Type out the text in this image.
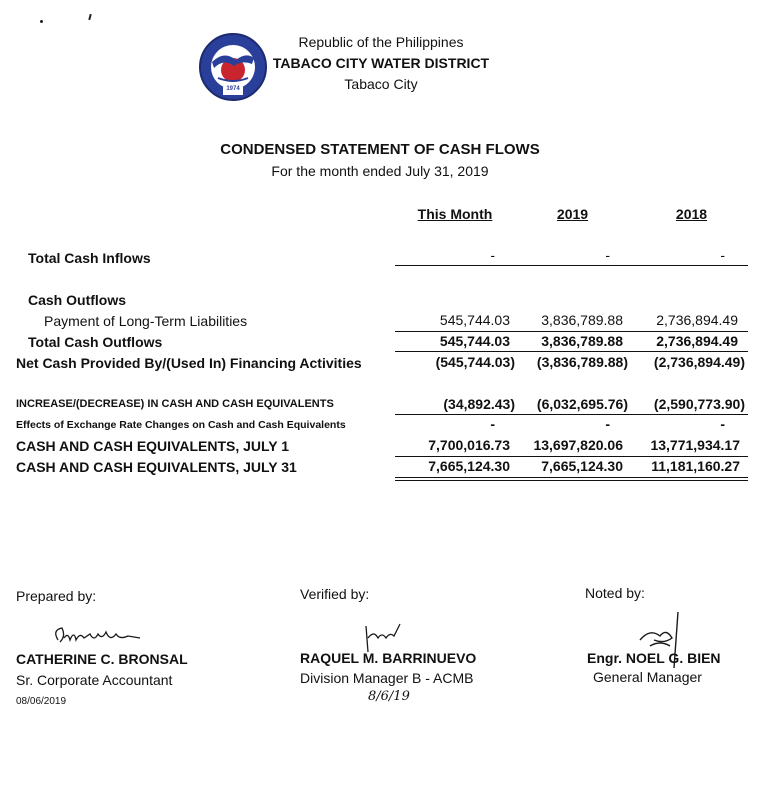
1974
Republic of the Philippines
TABACO CITY WATER DISTRICT
Tabaco City
CONDENSED STATEMENT OF CASH FLOWS
For the month ended July 31, 2019
This Month	2019	2018
Total Cash Inflows	-	-	-
Cash Outflows
Payment of Long-Term Liabilities	545,744.03	3,836,789.88	2,736,894.49
Total Cash Outflows	545,744.03	3,836,789.88	2,736,894.49
Net Cash Provided By/(Used In) Financing Activities	(545,744.03)	(3,836,789.88)	(2,736,894.49)
INCREASE/(DECREASE) IN CASH AND CASH EQUIVALENTS	(34,892.43)	(6,032,695.76)	(2,590,773.90)
Effects of Exchange Rate Changes on Cash and Cash Equivalents	-	-	-
CASH AND CASH EQUIVALENTS, JULY 1	7,700,016.73	13,697,820.06	13,771,934.17
CASH AND CASH EQUIVALENTS, JULY 31	7,665,124.30	7,665,124.30	11,181,160.27
Prepared by:	Verified by:	Noted by:
CATHERINE C. BRONSAL
Sr. Corporate Accountant
08/06/2019
RAQUEL M. BARRINUEVO
Division Manager B - ACMB
8/6/19
Engr. NOEL G. BIEN
General Manager
